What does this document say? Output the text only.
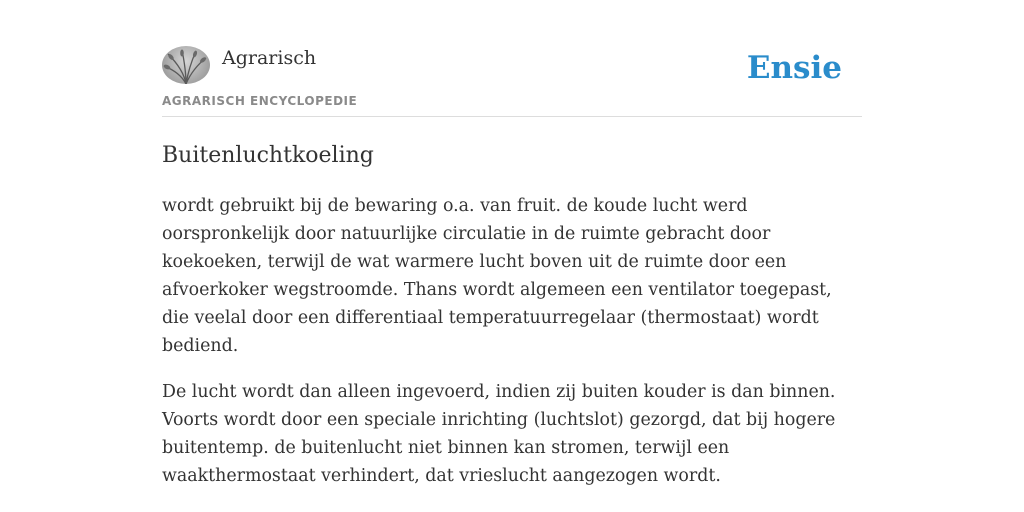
Agrarisch
AGRARISCH ENCYCLOPEDIE
Ensie
Buitenluchtkoeling

wordt gebruikt bij de bewaring o.a. van fruit. de koude lucht werd oorspronkelijk door natuurlijke circulatie in de ruimte gebracht door koekoeken, terwijl de wat warmere lucht boven uit de ruimte door een afvoerkoker wegstroomde. Thans wordt algemeen een ventilator toegepast, die veelal door een differentiaal temperatuurregelaar (thermostaat) wordt bediend.

De lucht wordt dan alleen ingevoerd, indien zij buiten kouder is dan binnen. Voorts wordt door een speciale inrichting (luchtslot) gezorgd, dat bij hogere buitentemp. de buitenlucht niet binnen kan stromen, terwijl een waakthermostaat verhindert, dat vrieslucht aangezogen wordt.
